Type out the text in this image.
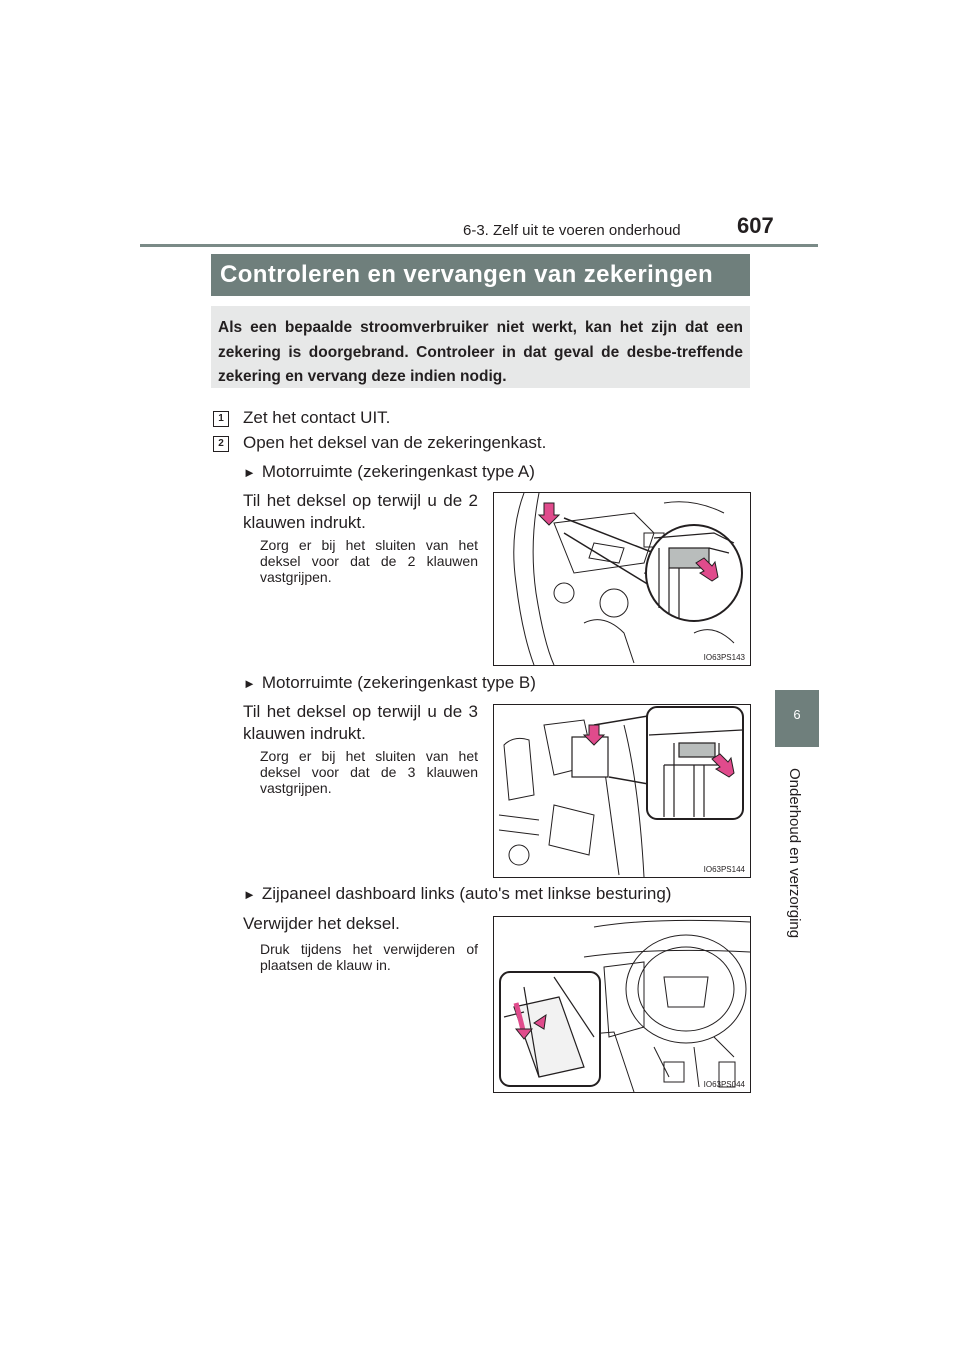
6-3. Zelf uit te voeren onderhoud	607
6
Onderhoud en verzorging
Controleren en vervangen van zekeringen
Als een bepaalde stroomverbruiker niet werkt, kan het zijn dat een zekering is doorgebrand. Controleer in dat geval de desbe-treffende zekering en vervang deze indien nodig.
1	Zet het contact UIT.
2	Open het deksel van de zekeringenkast.
► Motorruimte (zekeringenkast type A)
Til het deksel op terwijl u de 2 klauwen indrukt.
Zorg er bij het sluiten van het deksel voor dat de 2 klauwen vastgrijpen.
IO63PS143
► Motorruimte (zekeringenkast type B)
Til het deksel op terwijl u de 3 klauwen indrukt.
Zorg er bij het sluiten van het deksel voor dat de 3 klauwen vastgrijpen.
IO63PS144
► Zijpaneel dashboard links (auto's met linkse besturing)
Verwijder het deksel.
Druk tijdens het verwijderen of plaatsen de klauw in.
IO63PS044
